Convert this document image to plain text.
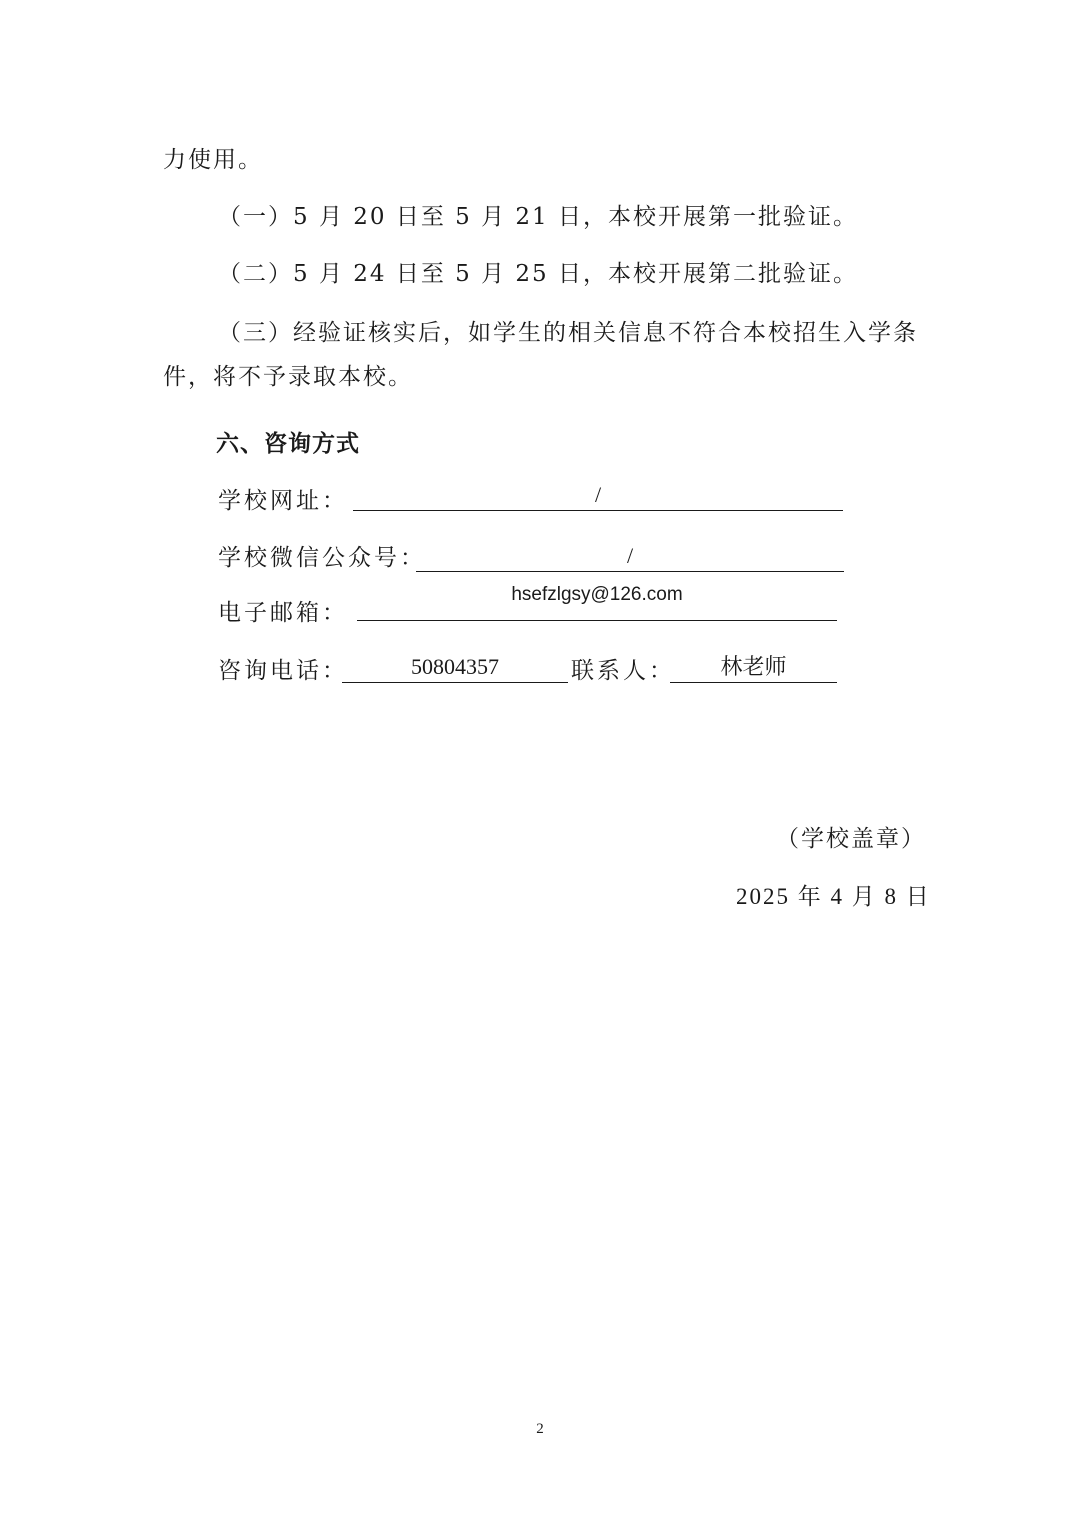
力使用。
（一）5 月 20 日至 5 月 21 日，本校开展第一批验证。
（二）5 月 24 日至 5 月 25 日，本校开展第二批验证。
（三）经验证核实后，如学生的相关信息不符合本校招生入学条
件，将不予录取本校。
六、咨询方式
学校网址：	/
学校微信公众号：	/
电子邮箱：
hsefzlgsy@126.com
咨询电话：	50804357	联系人：	林老师
（学校盖章）
2025 年 4 月 8 日
2
